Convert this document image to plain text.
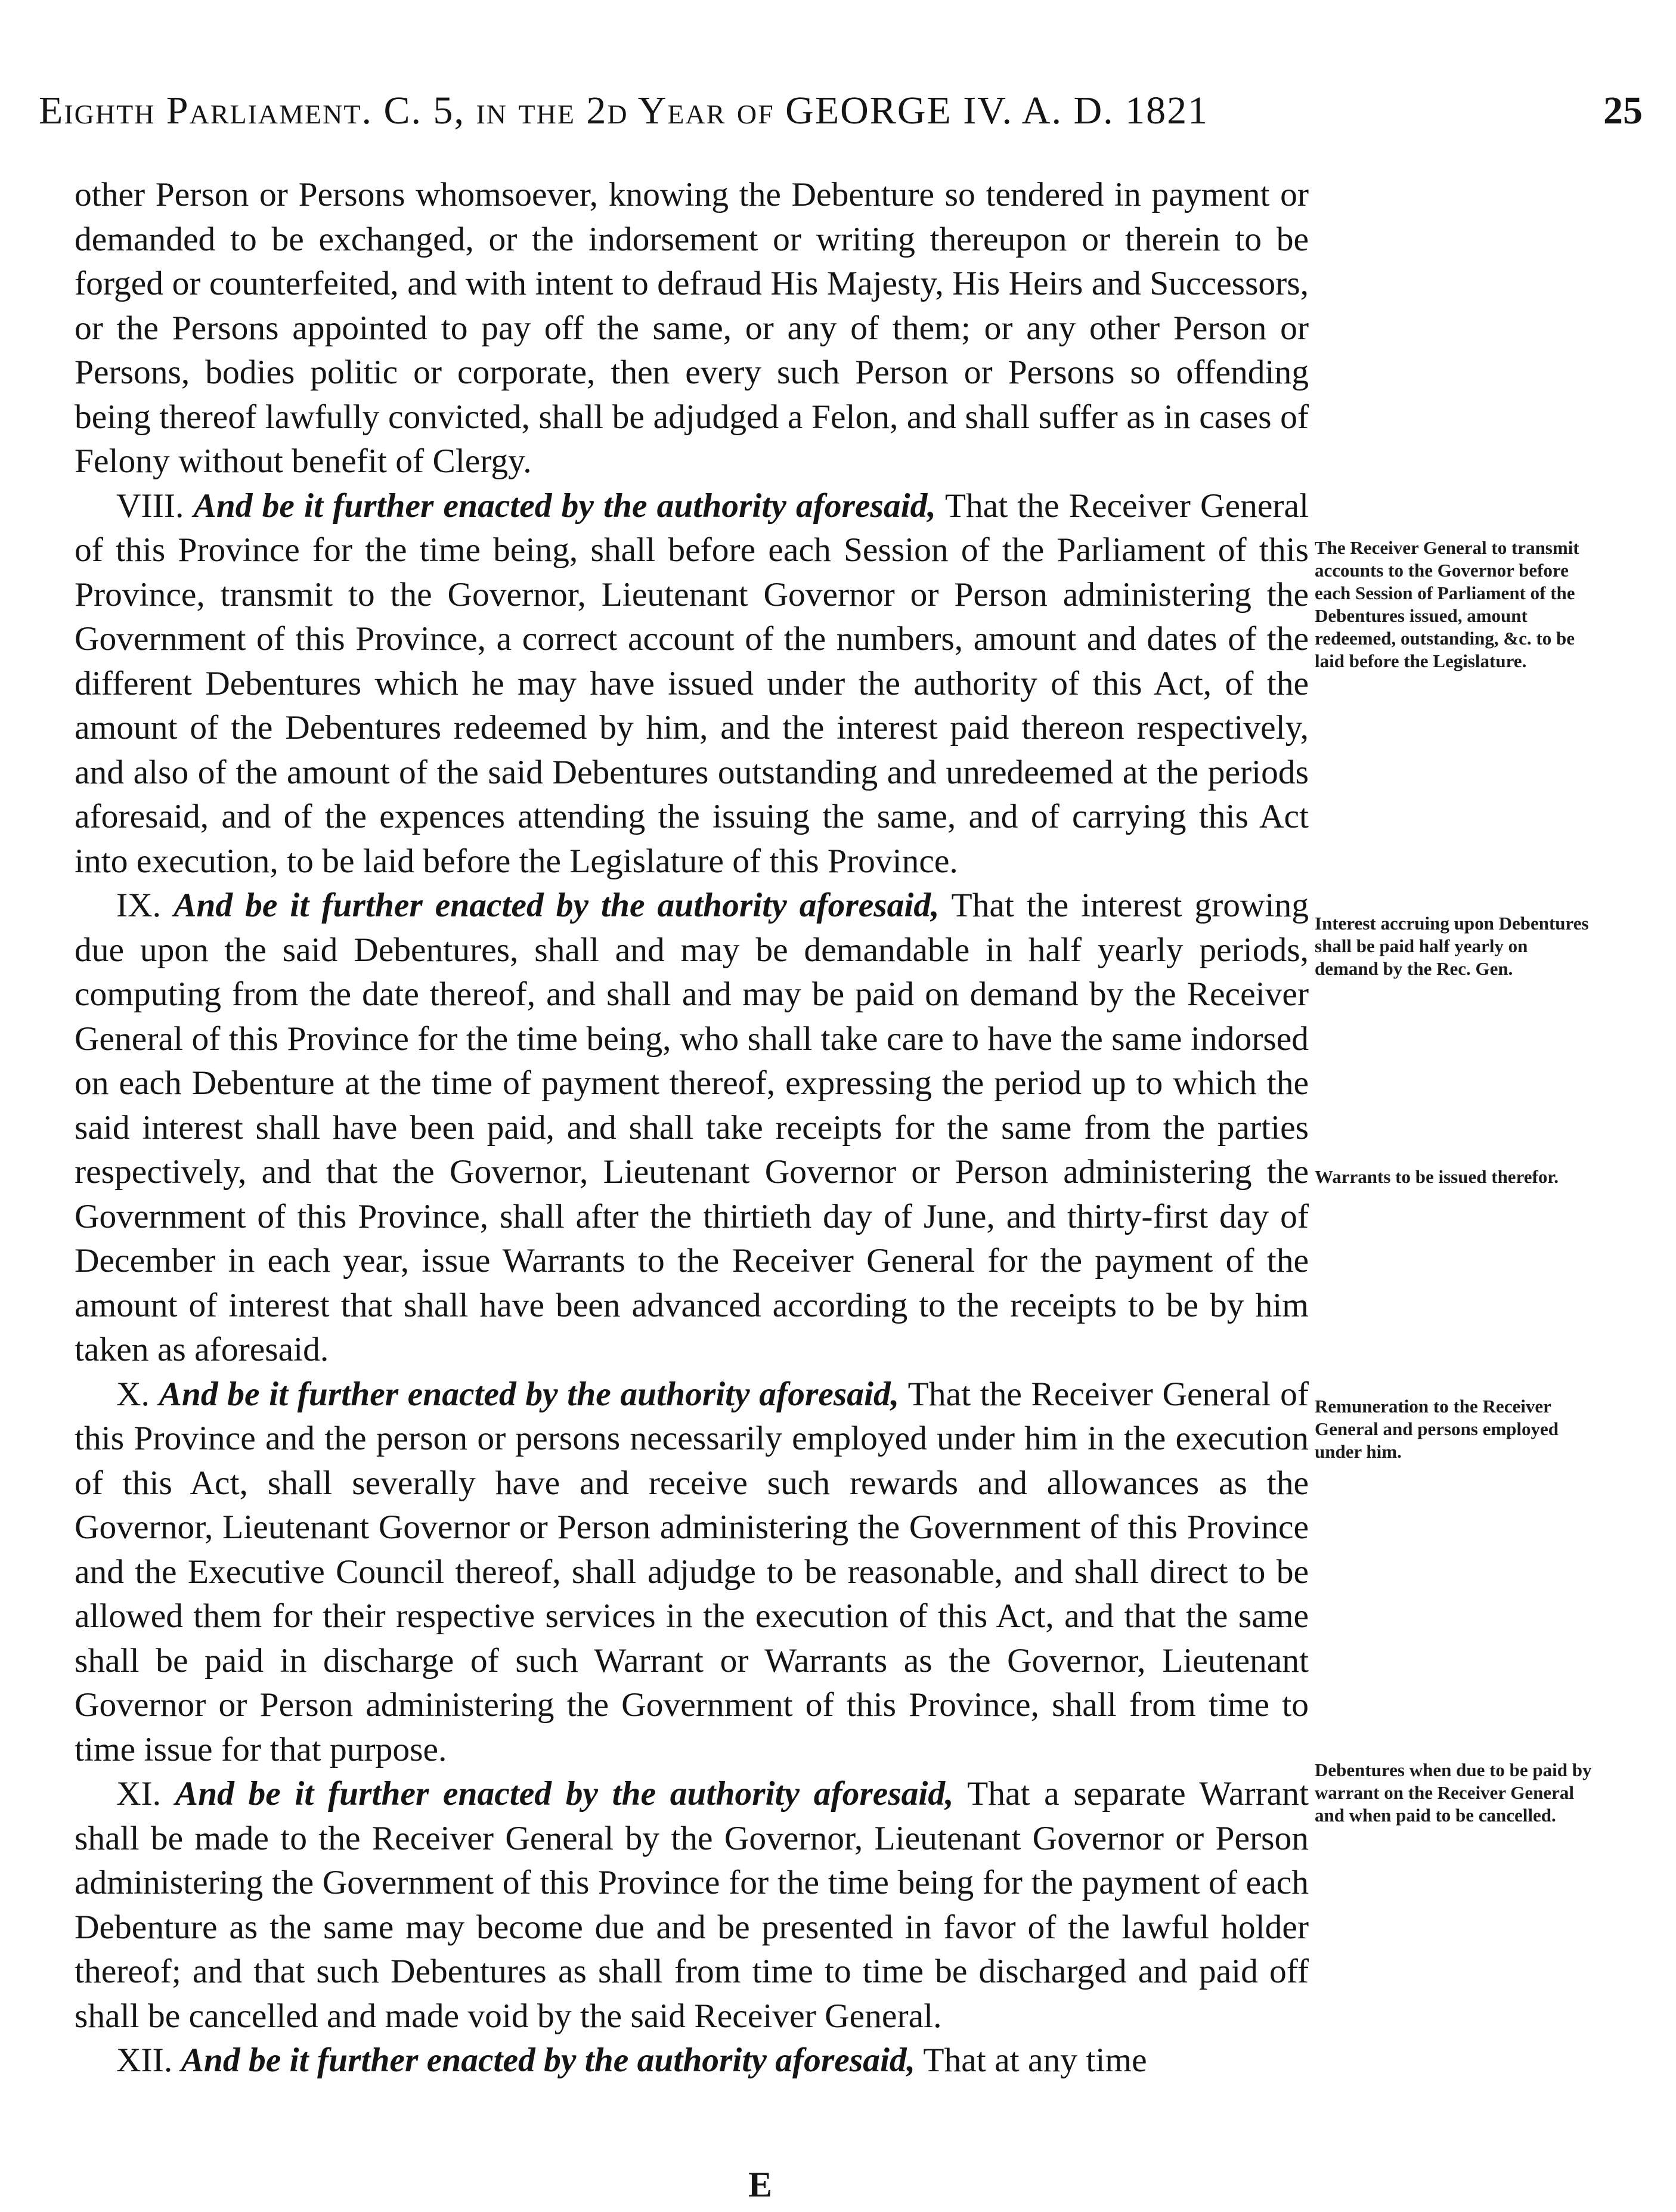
Eighth Parliament. C. 5, in the 2d Year of GEORGE IV. A. D. 1821	25

other Person or Persons whomsoever, knowing the Debenture so tendered in payment or demanded to be exchanged, or the indorsement or writing thereupon or therein to be forged or counterfeited, and with intent to defraud His Majesty, His Heirs and Successors, or the Persons appointed to pay off the same, or any of them; or any other Person or Persons, bodies politic or corporate, then every such Person or Persons so offending being thereof lawfully convicted, shall be adjudged a Felon, and shall suffer as in cases of Felony without benefit of Clergy.

VIII. And be it further enacted by the authority aforesaid, That the Receiver General of this Province for the time being, shall before each Session of the Parliament of this Province, transmit to the Governor, Lieutenant Governor or Person administering the Government of this Province, a correct account of the numbers, amount and dates of the different Debentures which he may have issued under the authority of this Act, of the amount of the Debentures redeemed by him, and the interest paid thereon respectively, and also of the amount of the said Debentures outstanding and unredeemed at the periods aforesaid, and of the expences attending the issuing the same, and of carrying this Act into execution, to be laid before the Legislature of this Province.

IX. And be it further enacted by the authority aforesaid, That the interest growing due upon the said Debentures, shall and may be demandable in half yearly periods, computing from the date thereof, and shall and may be paid on demand by the Receiver General of this Province for the time being, who shall take care to have the same indorsed on each Debenture at the time of payment thereof, expressing the period up to which the said interest shall have been paid, and shall take receipts for the same from the parties respectively, and that the Governor, Lieutenant Governor or Person administering the Government of this Province, shall after the thirtieth day of June, and thirty-first day of December in each year, issue Warrants to the Receiver General for the payment of the amount of interest that shall have been advanced according to the receipts to be by him taken as aforesaid.

X. And be it further enacted by the authority aforesaid, That the Receiver General of this Province and the person or persons necessarily employed under him in the execution of this Act, shall severally have and receive such rewards and allowances as the Governor, Lieutenant Governor or Person administering the Government of this Province and the Executive Council thereof, shall adjudge to be reasonable, and shall direct to be allowed them for their respective services in the execution of this Act, and that the same shall be paid in discharge of such Warrant or Warrants as the Governor, Lieutenant Governor or Person administering the Government of this Province, shall from time to time issue for that purpose.

XI. And be it further enacted by the authority aforesaid, That a separate Warrant shall be made to the Receiver General by the Governor, Lieutenant Governor or Person administering the Government of this Province for the time being for the payment of each Debenture as the same may become due and be presented in favor of the lawful holder thereof; and that such Debentures as shall from time to time be discharged and paid off shall be cancelled and made void by the said Receiver General.

XII. And be it further enacted by the authority aforesaid, That at any time

The Receiver General to transmit accounts to the Governor before each Session of Parliament of the Debentures issued, amount redeemed, outstanding, &c. to be laid before the Legislature.
Interest accruing upon Debentures shall be paid half yearly on demand by the Rec. Gen.
Warrants to be issued therefor.
Remuneration to the Receiver General and persons employed under him.
Debentures when due to be paid by warrant on the Receiver General and when paid to be cancelled.
E
